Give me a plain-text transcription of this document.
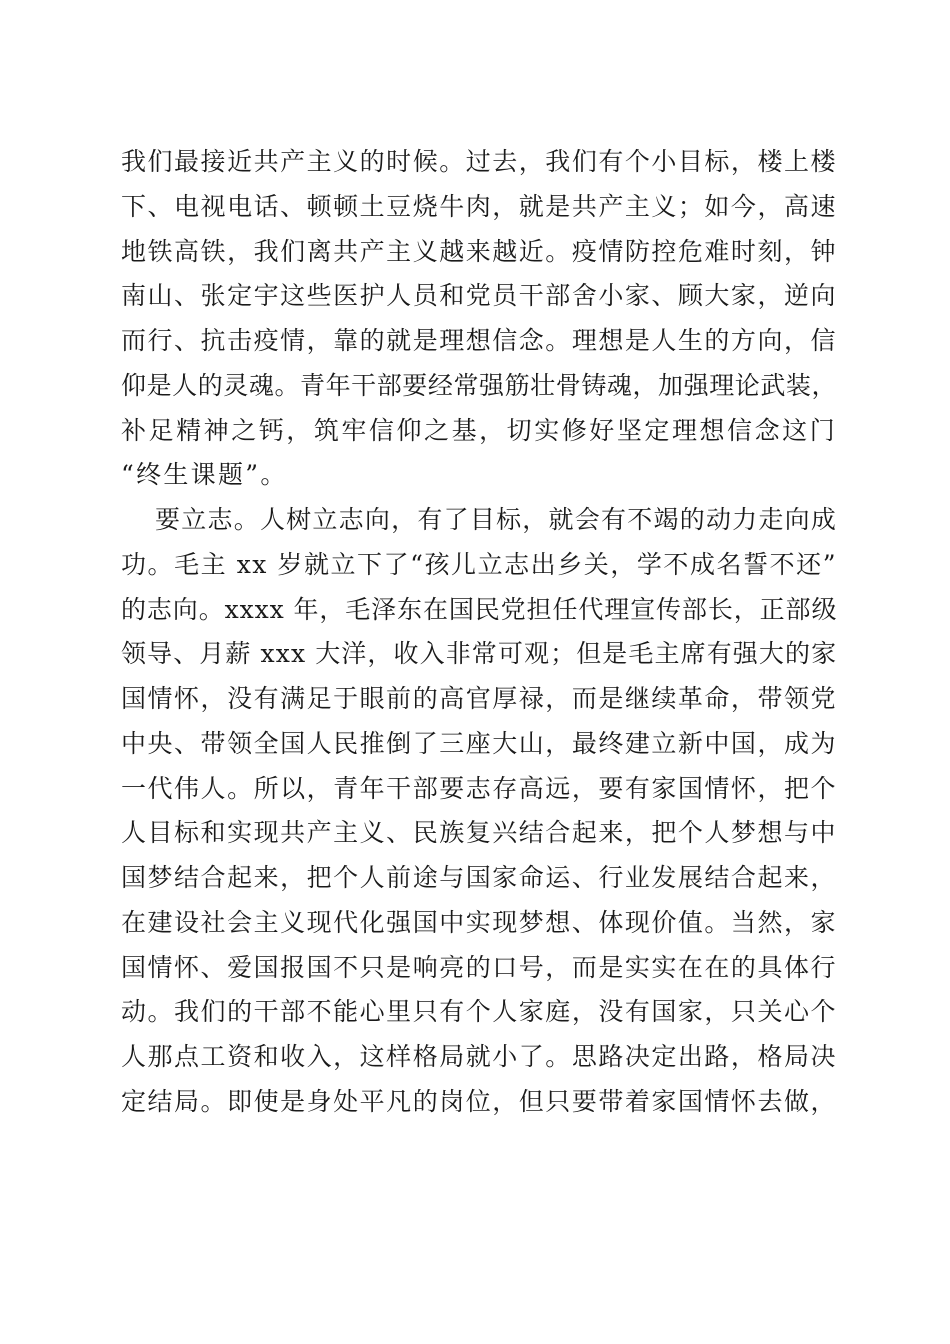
我们最接近共产主义的时候。过去，我们有个小目标，楼上楼
下、电视电话、顿顿土豆烧牛肉，就是共产主义；如今，高速
地铁高铁，我们离共产主义越来越近。疫情防控危难时刻，钟
南山、张定宇这些医护人员和党员干部舍小家、顾大家，逆向
而行、抗击疫情，靠的就是理想信念。理想是人生的方向，信
仰是人的灵魂。青年干部要经常强筋壮骨铸魂，加强理论武装，
补足精神之钙，筑牢信仰之基，切实修好坚定理想信念这门
“终生课题”。
要立志。人树立志向，有了目标，就会有不竭的动力走向成
功。毛主 xx 岁就立下了“孩儿立志出乡关，学不成名誓不还”
的志向。xxxx 年，毛泽东在国民党担任代理宣传部长，正部级
领导、月薪 xxx 大洋，收入非常可观；但是毛主席有强大的家
国情怀，没有满足于眼前的高官厚禄，而是继续革命，带领党
中央、带领全国人民推倒了三座大山，最终建立新中国，成为
一代伟人。所以，青年干部要志存高远，要有家国情怀，把个
人目标和实现共产主义、民族复兴结合起来，把个人梦想与中
国梦结合起来，把个人前途与国家命运、行业发展结合起来，
在建设社会主义现代化强国中实现梦想、体现价值。当然，家
国情怀、爱国报国不只是响亮的口号，而是实实在在的具体行
动。我们的干部不能心里只有个人家庭，没有国家，只关心个
人那点工资和收入，这样格局就小了。思路决定出路，格局决
定结局。即使是身处平凡的岗位，但只要带着家国情怀去做，
